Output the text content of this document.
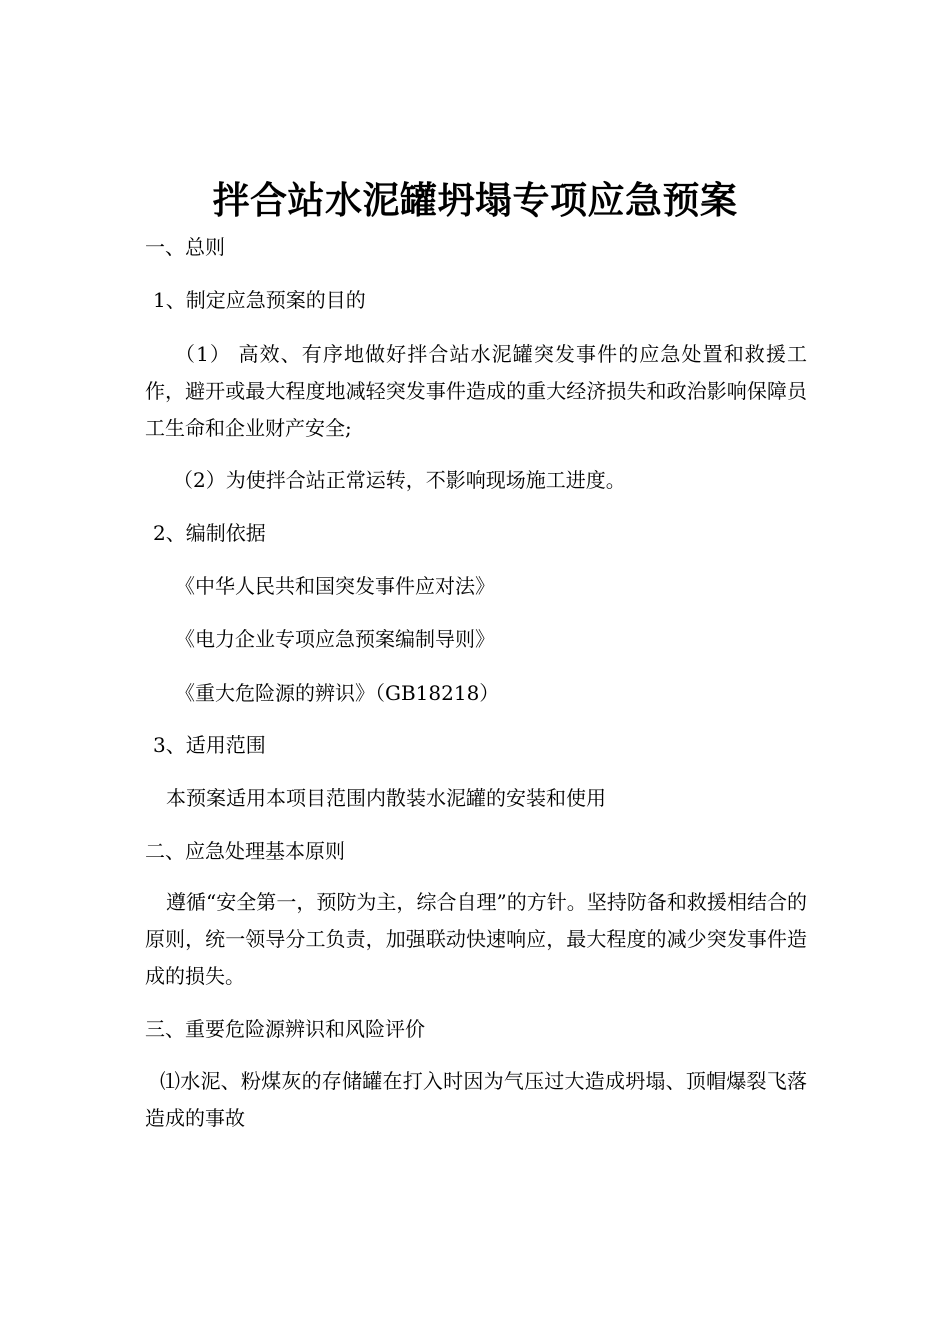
拌合站水泥罐坍塌专项应急预案
一、总则
1、制定应急预案的目的
（1） 高效、有序地做好拌合站水泥罐突发事件的应急处置和救援工作，避开或最大程度地减轻突发事件造成的重大经济损失和政治影响保障员工生命和企业财产安全;
（2）为使拌合站正常运转，不影响现场施工进度。
2、编制依据
《中华人民共和国突发事件应对法》
《电力企业专项应急预案编制导则》
《重大危险源的辨识》（GB18218）
3、适用范围
本预案适用本项目范围内散装水泥罐的安装和使用
二、应急处理基本原则
遵循“安全第一，预防为主，综合自理”的方针。坚持防备和救援相结合的原则，统一领导分工负责，加强联动快速响应，最大程度的减少突发事件造成的损失。
三、重要危险源辨识和风险评价
⑴水泥、粉煤灰的存储罐在打入时因为气压过大造成坍塌、顶帽爆裂飞落造成的事故
